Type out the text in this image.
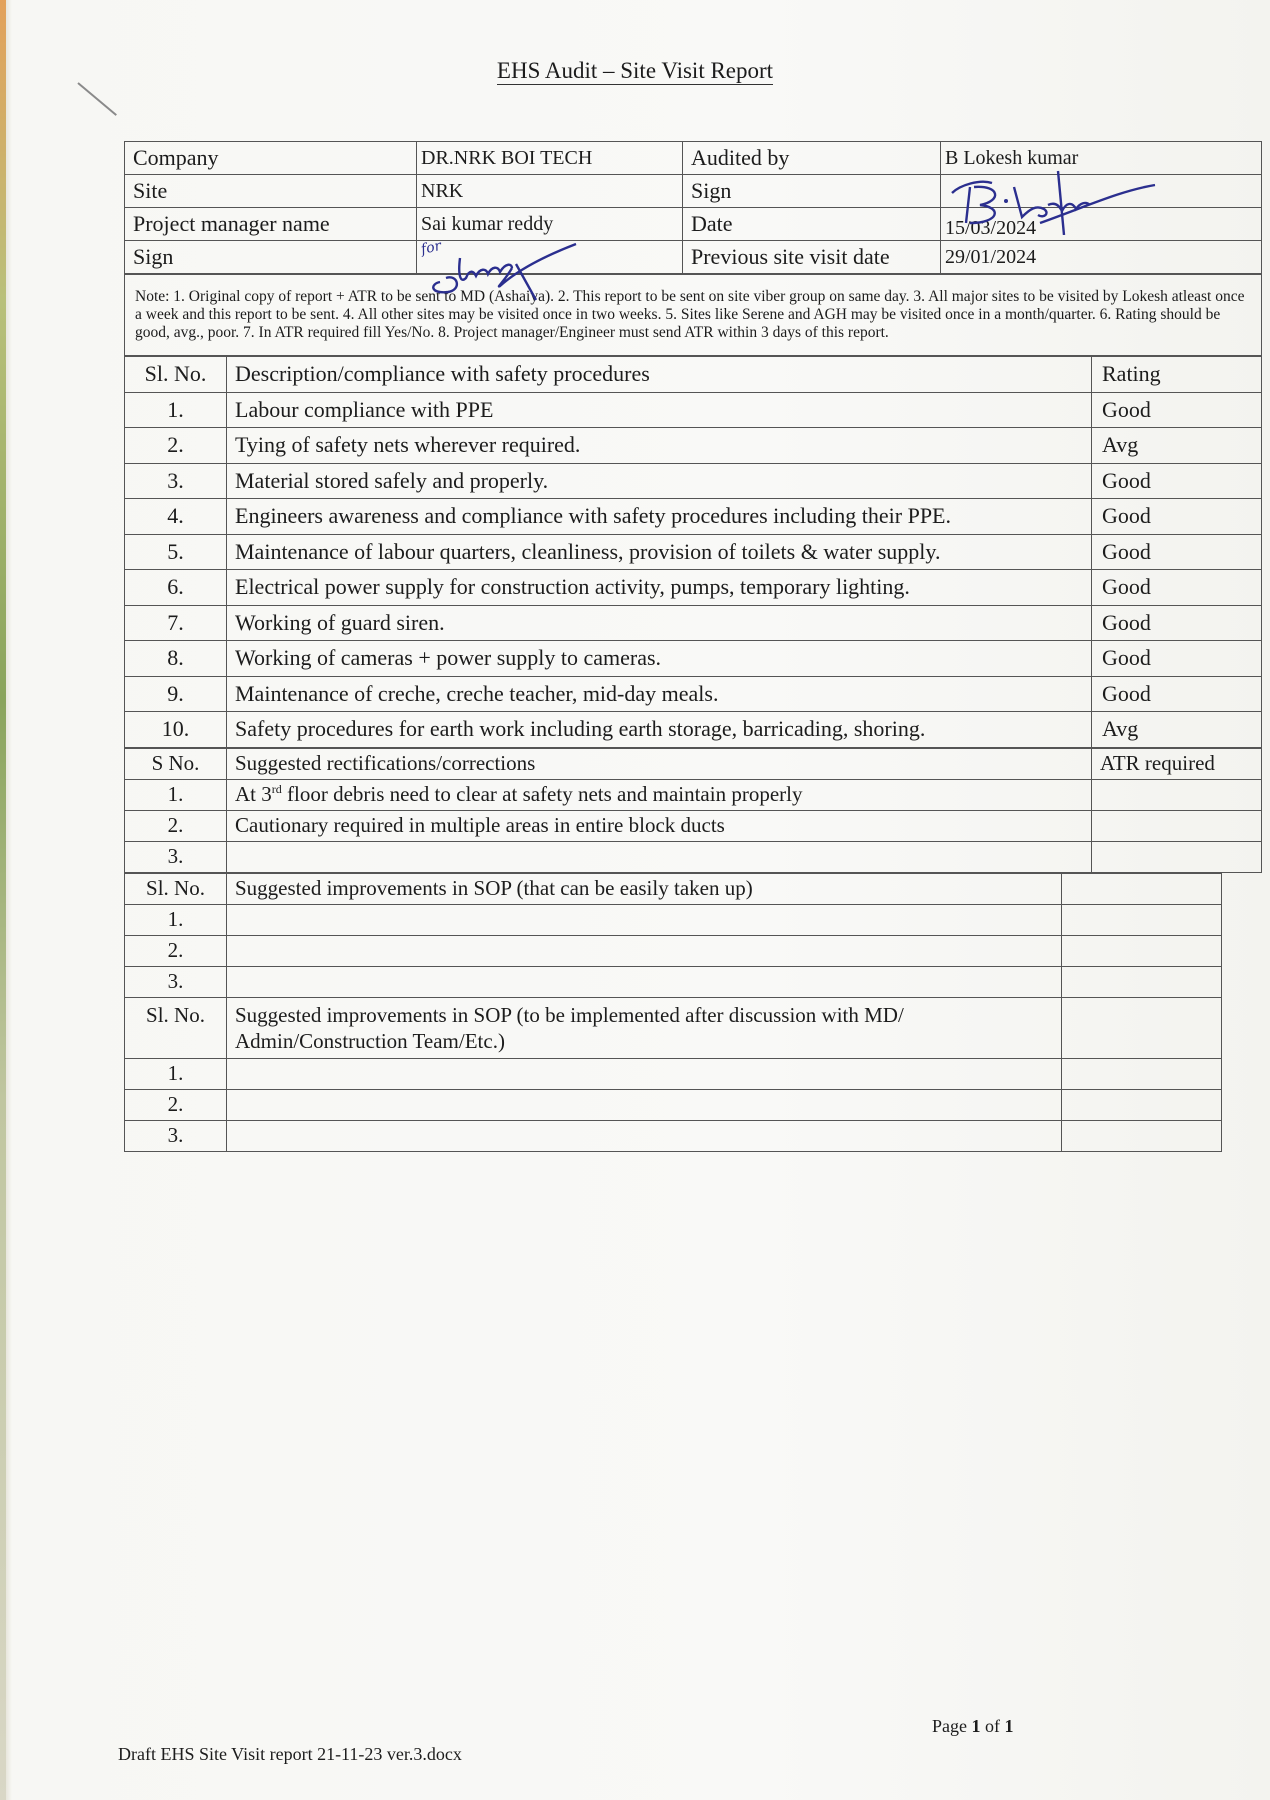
EHS Audit – Site Visit Report
Company	DR.NRK BOI TECH	Audited by	B Lokesh kumar
Site	NRK	Sign	
Project manager name	Sai kumar reddy	Date	15/03/2024
Sign		Previous site visit date	29/01/2024
Note: 1. Original copy of report + ATR to be sent to MD (Ashaiya). 2. This report to be sent on site viber group on same day. 3. All major sites to be visited by Lokesh atleast once a week and this report to be sent. 4. All other sites may be visited once in two weeks. 5. Sites like Serene and AGH may be visited once in a month/quarter. 6. Rating should be good, avg., poor. 7. In ATR required fill Yes/No. 8. Project manager/Engineer must send ATR within 3 days of this report.
Sl. No.	Description/compliance with safety procedures	Rating
1.	Labour compliance with PPE	Good
2.	Tying of safety nets wherever required.	Avg
3.	Material stored safely and properly.	Good
4.	Engineers awareness and compliance with safety procedures including their PPE.	Good
5.	Maintenance of labour quarters, cleanliness, provision of toilets & water supply.	Good
6.	Electrical power supply for construction activity, pumps, temporary lighting.	Good
7.	Working of guard siren.	Good
8.	Working of cameras + power supply to cameras.	Good
9.	Maintenance of creche, creche teacher, mid-day meals.	Good
10.	Safety procedures for earth work including earth storage, barricading, shoring.	Avg
S No.	Suggested rectifications/corrections	ATR required
1.	At 3rd floor debris need to clear at safety nets and maintain properly	
2.	Cautionary required in multiple areas in entire block ducts	
3.		
Sl. No.	Suggested improvements in SOP (that can be easily taken up)	
1.		
2.		
3.		
Sl. No.	Suggested improvements in SOP (to be implemented after discussion with MD/ Admin/Construction Team/Etc.)	
1.		
2.		
3.		
for
Page 1 of 1
Draft EHS Site Visit report 21-11-23 ver.3.docx
